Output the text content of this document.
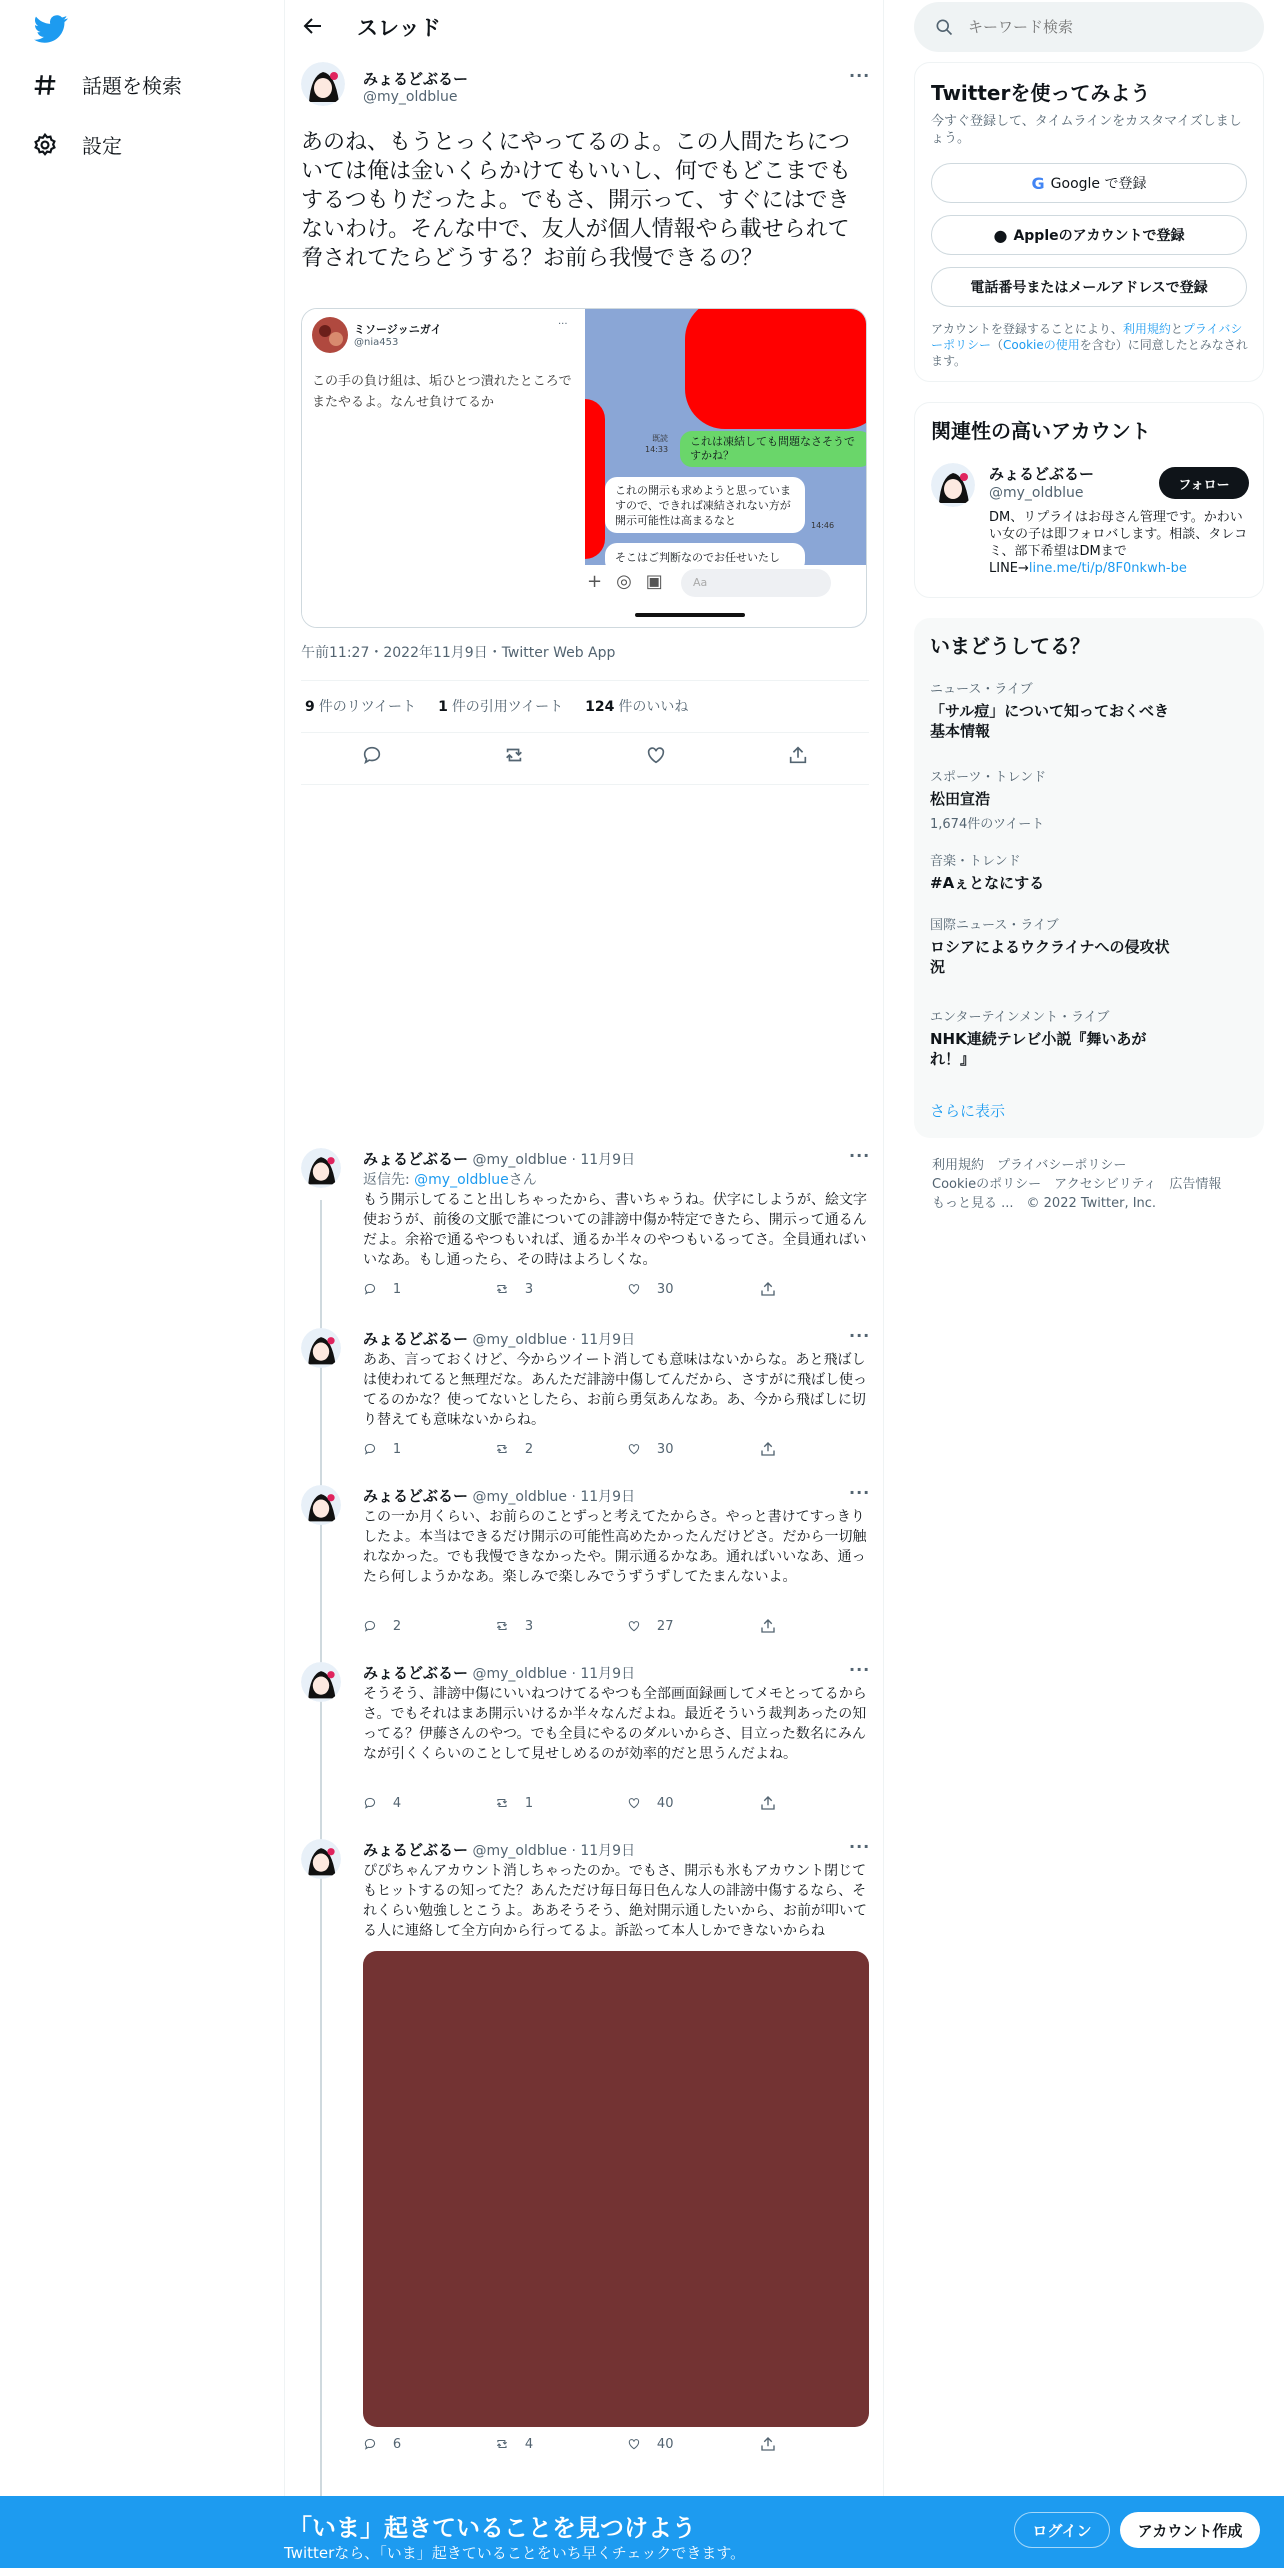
話題を検索
設定
スレッド
みょるどぶるー
@my_oldblue
···
あのね、もうとっくにやってるのよ。この人間たちについては俺は金いくらかけてもいいし、何でもどこまでもするつもりだったよ。でもさ、開示って、すぐにはできないわけ。そんな中で、友人が個人情報やら載せられて脅されてたらどうする？お前ら我慢できるの？
ミソージッニガイ
@nia453
···
この手の負け組は、垢ひとつ潰れたところでまたやるよ。なんせ負けてるか
既読
14:33
これは凍結しても問題なさそうですかね？
これの開示も求めようと思っていますので、できれば凍結されない方が開示可能性は高まるなと	14:46
そこはご判断なのでお任せいたし
+◎▣	Aa
午前11:27・2022年11月9日・Twitter Web App
9 件のリツイート 1 件の引用ツイート 124 件のいいね
みょるどぶるー @my_oldblue · 11月9日	···
返信先: @my_oldblueさん
もう開示してること出しちゃったから、書いちゃうね。伏字にしようが、絵文字使おうが、前後の文脈で誰についての誹謗中傷か特定できたら、開示って通るんだよ。余裕で通るやつもいれば、通るか半々のやつもいるってさ。全員通ればいいなあ。もし通ったら、その時はよろしくな。
1	3	30
みょるどぶるー @my_oldblue · 11月9日	···
ああ、言っておくけど、今からツイート消しても意味はないからな。あと飛ばしは使われてると無理だな。あんただ誹謗中傷してんだから、さすがに飛ばし使ってるのかな？使ってないとしたら、お前ら勇気あんなあ。あ、今から飛ばしに切り替えても意味ないからね。
1	2	30
みょるどぶるー @my_oldblue · 11月9日	···
この一か月くらい、お前らのことずっと考えてたからさ。やっと書けてすっきりしたよ。本当はできるだけ開示の可能性高めたかったんだけどさ。だから一切触れなかった。でも我慢できなかったや。開示通るかなあ。通ればいいなあ、通ったら何しようかなあ。楽しみで楽しみでうずうずしてたまんないよ。
2	3	27
みょるどぶるー @my_oldblue · 11月9日	···
そうそう、誹謗中傷にいいねつけてるやつも全部画面録画してメモとってるからさ。でもそれはまあ開示いけるか半々なんだよね。最近そういう裁判あったの知ってる？伊藤さんのやつ。でも全員にやるのダルいからさ、目立った数名にみんなが引くくらいのことして見せしめるのが効率的だと思うんだよね。
4	1	40
みょるどぶるー @my_oldblue · 11月9日	···
ぴぴちゃんアカウント消しちゃったのか。でもさ、開示も氷もアカウント閉じてもヒットするの知ってた？あんただけ毎日毎日色んな人の誹謗中傷するなら、それくらい勉強しとこうよ。ああそうそう、絶対開示通したいから、お前が叩いてる人に連絡して全方向から行ってるよ。訴訟って本人しかできないからね
6	4	40
キーワード検索
Twitterを使ってみよう
今すぐ登録して、タイムラインをカスタマイズしましょう。
G Google で登録
● Appleのアカウントで登録
電話番号またはメールアドレスで登録
アカウントを登録することにより、利用規約とプライバシーポリシー（Cookieの使用を含む）に同意したとみなされます。
関連性の高いアカウント
みょるどぶるー
@my_oldblue	フォロー
DM、リプライはお母さん管理です。かわいい女の子は即フォロバします。相談、タレコミ、部下希望はDMまでLINE→line.me/ti/p/8F0nkwh-be
いまどうしてる？
ニュース・ライブ
「サル痘」について知っておくべき基本情報
スポーツ・トレンド
松田宣浩
1,674件のツイート
音楽・トレンド
#Aぇとなにする
国際ニュース・ライブ
ロシアによるウクライナへの侵攻状況
エンターテインメント・ライブ
NHK連続テレビ小説『舞いあがれ！』
さらに表示
利用規約　プライバシーポリシー
Cookieのポリシー　アクセシビリティ　広告情報
もっと見る ...　© 2022 Twitter, Inc.
「いま」起きていることを見つけよう
Twitterなら、「いま」起きていることをいち早くチェックできます。
ログイン	アカウント作成
